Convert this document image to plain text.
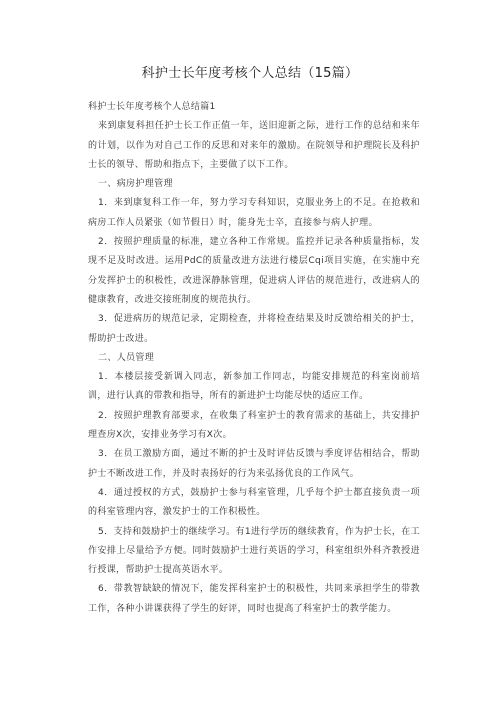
科护士长年度考核个人总结（15篇）

科护士长年度考核个人总结篇1

来到康复科担任护士长工作正值一年，送旧迎新之际，进行工作的总结和来年的计划，以作为对自己工作的反思和对来年的激励。在院领导和护理院长及科护士长的领导、帮助和指点下，主要做了以下工作。

一、病房护理管理

1．来到康复科工作一年，努力学习专科知识，克服业务上的不足。在抢救和病房工作人员紧张（如节假日）时，能身先士卒，直接参与病人护理。

2．按照护理质量的标准，建立各种工作常规。监控并记录各种质量指标，发现不足及时改进。运用PdC的质量改进方法进行楼层Cqi项目实施，在实施中充分发挥护士的积极性，改进深静脉管理，促进病人评估的规范进行，改进病人的健康教育，改进交接班制度的规范执行。

3．促进病历的规范记录，定期检查，并将检查结果及时反馈给相关的护士，帮助护士改进。

二、人员管理

1．本楼层接受新调入同志，新参加工作同志，均能安排规范的科室岗前培训，进行认真的带教和指导，所有的新进护士均能尽快的适应工作。

2．按照护理教育部要求，在收集了科室护士的教育需求的基础上，共安排护理查房X次，安排业务学习有X次。

3．在员工激励方面，通过不断的护士及时评估反馈与季度评估相结合，帮助护士不断改进工作，并及时表扬好的行为来弘扬优良的工作风气。

4．通过授权的方式，鼓励护士参与科室管理，几乎每个护士都直接负责一项的科室管理内容，激发护士的工作积极性。

5．支持和鼓励护士的继续学习。有1进行学历的继续教育，作为护士长，在工作安排上尽量给予方便。同时鼓励护士进行英语的学习，科室组织外科齐教授进行授课，帮助护士提高英语水平。

6．带教智缺缺的情况下，能发挥科室护士的积极性，共同来承担学生的带教工作，各种小讲课获得了学生的好评，同时也提高了科室护士的教学能力。
